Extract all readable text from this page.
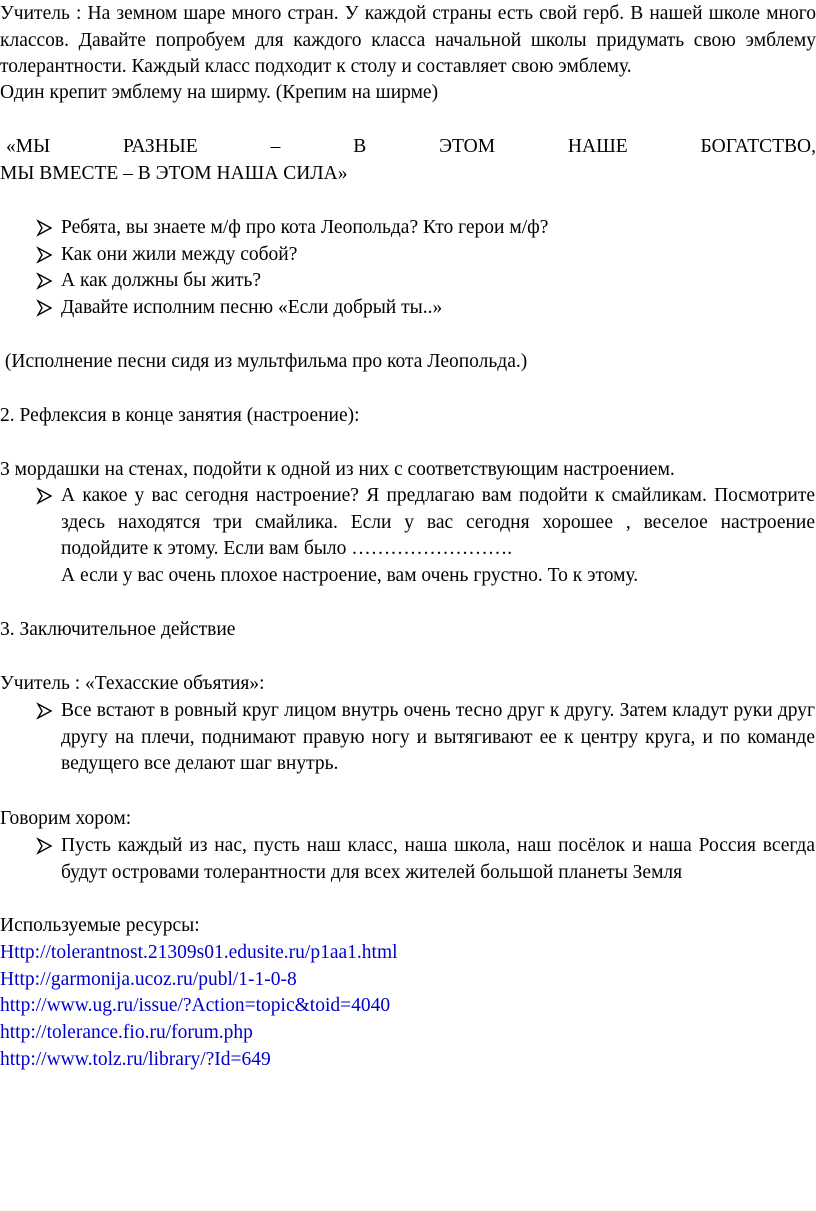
Учитель : На земном шаре много стран. У каждой страны есть свой герб. В нашей школе много классов. Давайте попробуем для каждого класса начальной школы придумать свою эмблему толерантности. Каждый класс подходит к столу и составляет свою эмблему.

Один крепит эмблему на ширму. (Крепим на ширме)

«МЫ РАЗНЫЕ – В ЭТОМ НАШЕ БОГАТСТВО,
МЫ ВМЕСТЕ – В ЭТОМ НАША СИЛА»

Ребята, вы знаете м/ф про кота Леопольда? Кто герои м/ф?

Как они жили между собой?

А как должны бы жить?

Давайте исполним песню «Если добрый ты..»

(Исполнение песни сидя из мультфильма про кота Леопольда.)

2. Рефлексия в конце занятия (настроение):

3 мордашки на стенах, подойти к одной из них с соответствующим настроением.

А какое у вас сегодня настроение? Я предлагаю вам подойти к смайликам. Посмотрите здесь находятся три смайлика. Если у вас сегодня хорошее , веселое настроение подойдите к этому. Если вам было …………………….

А если у вас очень плохое настроение, вам очень грустно. То к этому.

3. Заключительное действие

Учитель : «Техасские объятия»:

Все встают в ровный круг лицом внутрь очень тесно друг к другу. Затем кладут руки друг другу на плечи, поднимают правую ногу и вытягивают ее к центру круга, и по команде ведущего все делают шаг внутрь.

Говорим хором:

Пусть каждый из нас, пусть наш класс, наша школа, наш посёлок и наша Россия всегда будут островами толерантности для всех жителей большой планеты Земля

Используемые ресурсы:

Http://tolerantnost.21309s01.edusite.ru/p1aa1.html
Http://garmonija.ucoz.ru/publ/1-1-0-8
http://www.ug.ru/issue/?Action=topic&toid=4040
http://tolerance.fio.ru/forum.php
http://www.tolz.ru/library/?Id=649
